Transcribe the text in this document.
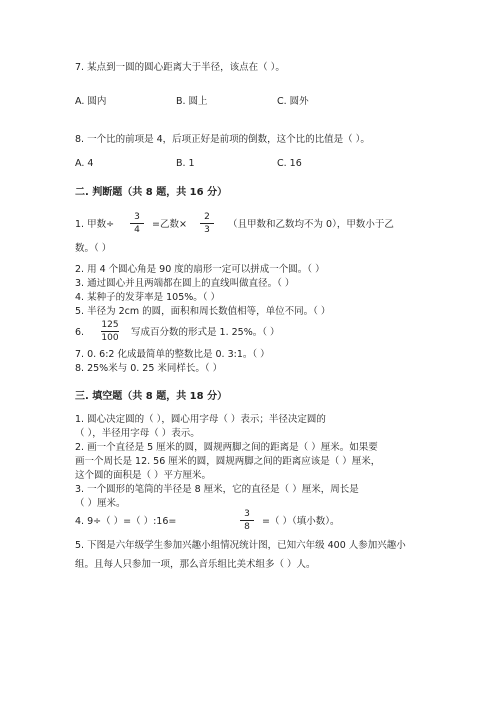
7. 某点到一圆的圆心距离大于半径，该点在（ ）。
A. 圆内	B. 圆上	C. 圆外
8. 一个比的前项是 4，后项正好是前项的倒数，这个比的比值是（ ）。
A. 4	B. 1	C. 16
二. 判断题（共 8 题，共 16 分）
1. 甲数÷
3
4 =乙数×
2
3 （且甲数和乙数均不为 0），甲数小于乙
数。（ ）
2. 用 4 个圆心角是 90 度的扇形一定可以拼成一个圆。（ ）
3. 通过圆心并且两端都在圆上的直线叫做直径。（ ）
4. 某种子的发芽率是 105%。（ ）
5. 半径为 2cm 的圆，面积和周长数值相等，单位不同。（ ）
6.
125
100 写成百分数的形式是 1. 25%。（ ）
7. 0. 6:2 化成最简单的整数比是 0. 3:1。（ ）
8. 25%米与 0. 25 米同样长。（ ）
三. 填空题（共 8 题，共 18 分）
1. 圆心决定圆的（ ），圆心用字母（ ）表示；半径决定圆的
（ ），半径用字母（ ）表示。
2. 画一个直径是 5 厘米的圆，圆规两脚之间的距离是（ ）厘米。如果要
画一个周长是 12. 56 厘米的圆，圆规两脚之间的距离应该是（ ）厘米，
这个圆的面积是（ ）平方厘米。
3. 一个圆形的笔筒的半径是 8 厘米，它的直径是（ ）厘米，周长是
（ ）厘米。
4. 9÷（ ）=（ ）:16=
3
8 =（ ）（填小数）。
5. 下图是六年级学生参加兴趣小组情况统计图，已知六年级 400 人参加兴趣小
组。且每人只参加一项，那么音乐组比美术组多（ ）人。
